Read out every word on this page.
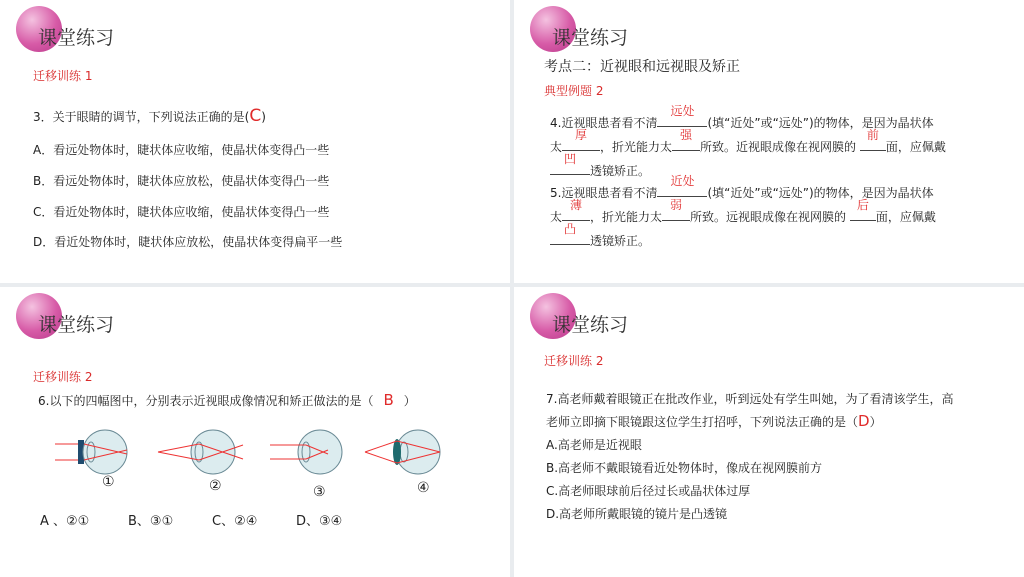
课堂练习
迁移训练 1
3．关于眼睛的调节，下列说法正确的是(C)
A．看远处物体时，睫状体应收缩，使晶状体变得凸一些
B．看远处物体时，睫状体应放松，使晶状体变得凸一些
C．看近处物体时，睫状体应收缩，使晶状体变得凸一些
D．看近处物体时，睫状体应放松，使晶状体变得扁平一些
课堂练习
考点二：近视眼和远视眼及矫正
典型例题 2
4.近视眼患者看不清
远处
(填“近处”或“远处”)的物体，是因为晶状体
太
厚
，折光能力太
强
所致。近视眼成像在视网膜的
前
面，应佩戴
凹
透镜矫正。
5.远视眼患者看不清
近处
(填“近处”或“远处”)的物体，是因为晶状体
太
薄
，折光能力太
弱
所致。远视眼成像在视网膜的
后
面，应佩戴
凸
透镜矫正。
课堂练习
迁移训练 2
6.以下的四幅图中，分别表示近视眼成像情况和矫正做法的是（ B ）
①	②	③	④
A 、②①	B、③①	C、②④	D、③④
课堂练习
迁移训练 2
7.高老师戴着眼镜正在批改作业，听到远处有学生叫她，为了看清该学生，高
老师立即摘下眼镜跟这位学生打招呼，下列说法正确的是（D）
A.高老师是近视眼
B.高老师不戴眼镜看近处物体时，像成在视网膜前方
C.高老师眼球前后径过长或晶状体过厚
D.高老师所戴眼镜的镜片是凸透镜
